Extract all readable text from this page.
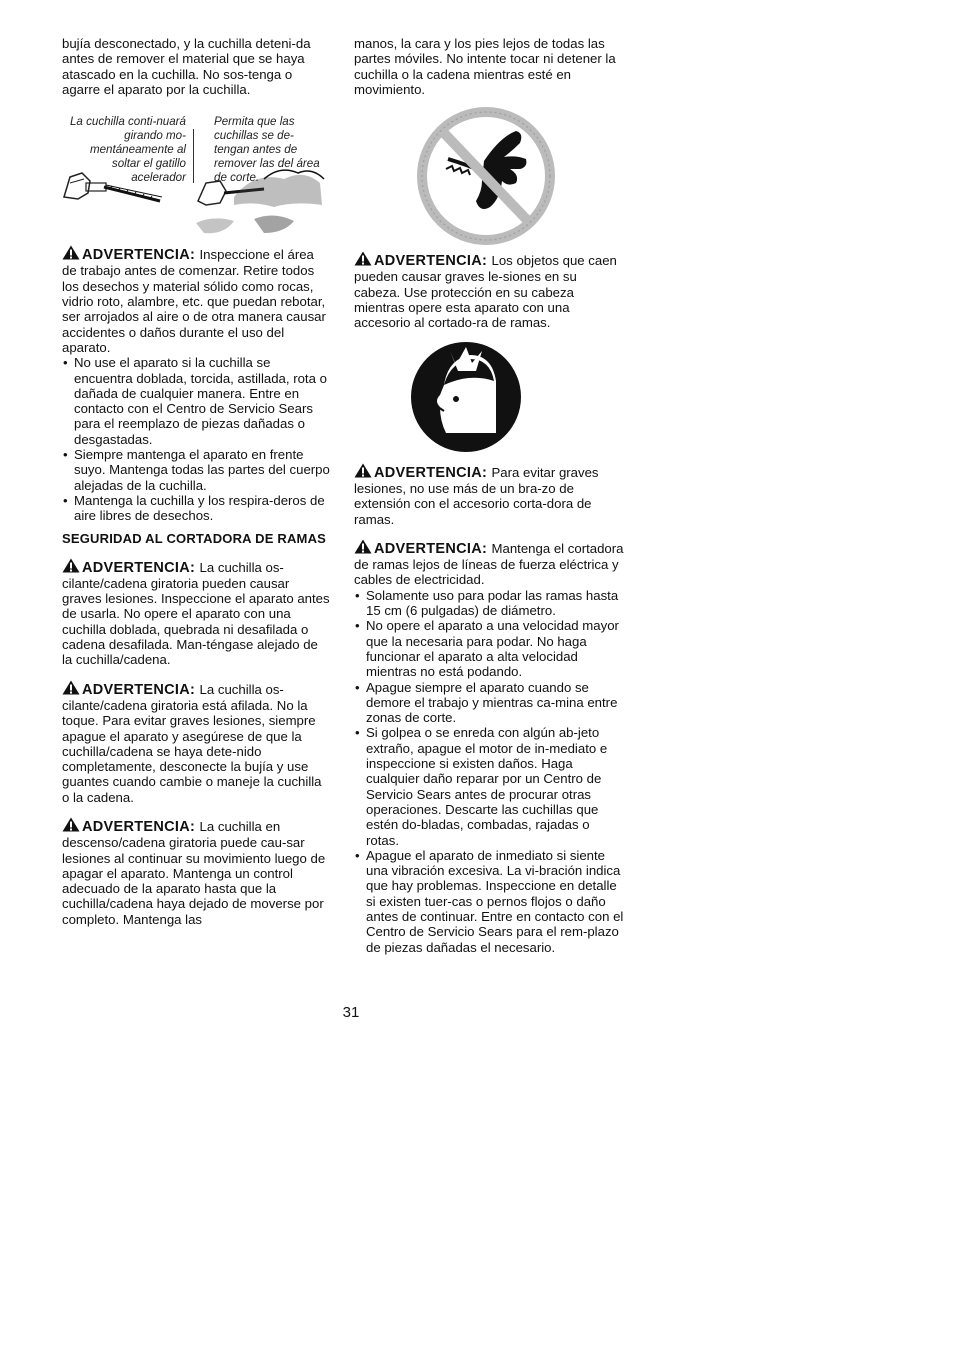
bujía desconectado, y la cuchilla deteni-da antes de remover el material que se haya atascado en la cuchilla. No sos-tenga o agarre el aparato por la cuchilla.

La cuchilla conti-nuará girando mo-mentáneamente al soltar el gatillo acelerador
Permita que las cuchillas se de-tengan antes de remover las del área de corte.

ADVERTENCIA: Inspeccione el área de trabajo antes de comenzar. Retire todos los desechos y material sólido como rocas, vidrio roto, alambre, etc. que puedan rebotar, ser arrojados al aire o de otra manera causar accidentes o daños durante el uso del aparato.

• No use el aparato si la cuchilla se encuentra doblada, torcida, astillada, rota o dañada de cualquier manera. Entre en contacto con el Centro de Servicio Sears para el reemplazo de piezas dañadas o desgastadas.
• Siempre mantenga el aparato en frente suyo. Mantenga todas las partes del cuerpo alejadas de la cuchilla.
• Mantenga la cuchilla y los respira-deros de aire libres de desechos.
SEGURIDAD AL CORTADORA DE RAMAS

ADVERTENCIA: La cuchilla os-cilante/cadena giratoria pueden causar graves lesiones. Inspeccione el aparato antes de usarla. No opere el aparato con una cuchilla doblada, quebrada ni desafilada o cadena desafilada. Man-téngase alejado de la cuchilla/cadena.

ADVERTENCIA: La cuchilla os-cilante/cadena giratoria está afilada. No la toque. Para evitar graves lesiones, siempre apague el aparato y asegúrese de que la cuchilla/cadena se haya dete-nido completamente, desconecte la bujía y use guantes cuando cambie o maneje la cuchilla o la cadena.

ADVERTENCIA: La cuchilla en descenso/cadena giratoria puede cau-sar lesiones al continuar su movimiento luego de apagar el aparato. Mantenga un control adecuado de la aparato hasta que la cuchilla/cadena haya dejado de moverse por completo. Mantenga las

manos, la cara y los pies lejos de todas las partes móviles. No intente tocar ni detener la cuchilla o la cadena mientras esté en movimiento.

ADVERTENCIA: Los objetos que caen pueden causar graves le-siones en su cabeza. Use protección en su cabeza mientras opere esta aparato con una accesorio al cortado-ra de ramas.

ADVERTENCIA: Para evitar graves lesiones, no use más de un bra-zo de extensión con el accesorio corta-dora de ramas.

ADVERTENCIA: Mantenga el cortadora de ramas lejos de líneas de fuerza eléctrica y cables de electricidad.

• Solamente uso para podar las ramas hasta 15 cm (6 pulgadas) de diámetro.
• No opere el aparato a una velocidad mayor que la necesaria para podar. No haga funcionar el aparato a alta velocidad mientras no está podando.
• Apague siempre el aparato cuando se demore el trabajo y mientras ca-mina entre zonas de corte.
• Si golpea o se enreda con algún ab-jeto extraño, apague el motor de in-mediato e inspeccione si existen daños. Haga cualquier daño reparar por un Centro de Servicio Sears antes de procurar otras operaciones. Descarte las cuchillas que estén do-bladas, combadas, rajadas o rotas.
• Apague el aparato de inmediato si siente una vibración excesiva. La vi-bración indica que hay problemas. Inspeccione en detalle si existen tuer-cas o pernos flojos o daño antes de continuar. Entre en contacto con el Centro de Servicio Sears para el rem-plazo de piezas dañadas el necesario.
31
